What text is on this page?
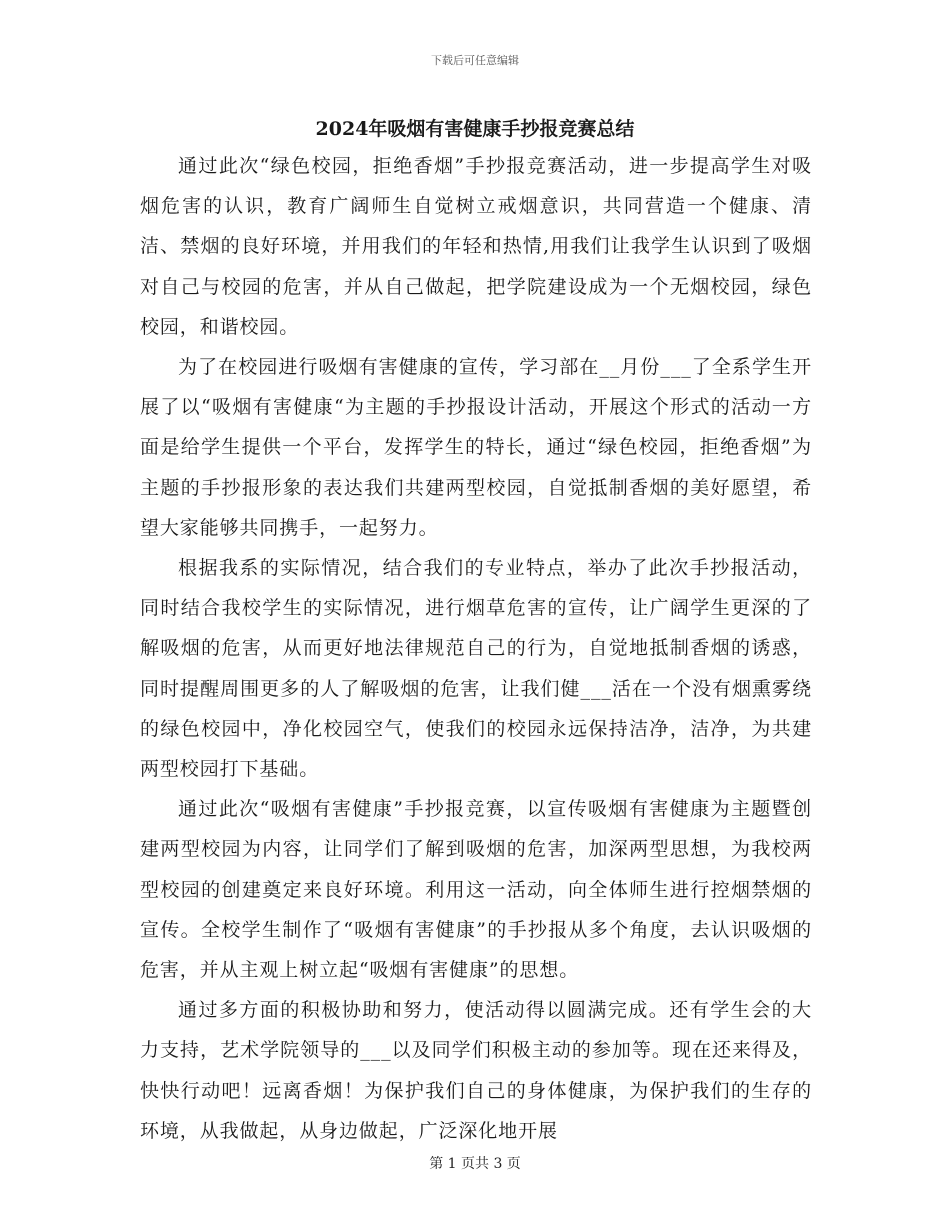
下载后可任意编辑
2024年吸烟有害健康手抄报竞赛总结

通过此次“绿色校园，拒绝香烟”手抄报竞赛活动，进一步提高学生对吸烟危害的认识，教育广阔师生自觉树立戒烟意识，共同营造一个健康、清洁、禁烟的良好环境，并用我们的年轻和热情,用我们让我学生认识到了吸烟对自己与校园的危害，并从自己做起，把学院建设成为一个无烟校园，绿色校园，和谐校园。

为了在校园进行吸烟有害健康的宣传，学习部在__月份___了全系学生开展了以“吸烟有害健康“为主题的手抄报设计活动，开展这个形式的活动一方面是给学生提供一个平台，发挥学生的特长，通过“绿色校园，拒绝香烟”为主题的手抄报形象的表达我们共建两型校园，自觉抵制香烟的美好愿望，希望大家能够共同携手，一起努力。

根据我系的实际情况，结合我们的专业特点，举办了此次手抄报活动，同时结合我校学生的实际情况，进行烟草危害的宣传，让广阔学生更深的了解吸烟的危害，从而更好地法律规范自己的行为，自觉地抵制香烟的诱惑，同时提醒周围更多的人了解吸烟的危害，让我们健___活在一个没有烟熏雾绕的绿色校园中，净化校园空气，使我们的校园永远保持洁净，洁净，为共建两型校园打下基础。

通过此次“吸烟有害健康”手抄报竞赛，以宣传吸烟有害健康为主题暨创建两型校园为内容，让同学们了解到吸烟的危害，加深两型思想，为我校两型校园的创建奠定来良好环境。利用这一活动，向全体师生进行控烟禁烟的宣传。全校学生制作了“吸烟有害健康”的手抄报从多个角度，去认识吸烟的危害，并从主观上树立起“吸烟有害健康”的思想。

通过多方面的积极协助和努力，使活动得以圆满完成。还有学生会的大力支持，艺术学院领导的___以及同学们积极主动的参加等。现在还来得及，快快行动吧！远离香烟！为保护我们自己的身体健康，为保护我们的生存的环境，从我做起，从身边做起，广泛深化地开展

第 1 页共 3 页
